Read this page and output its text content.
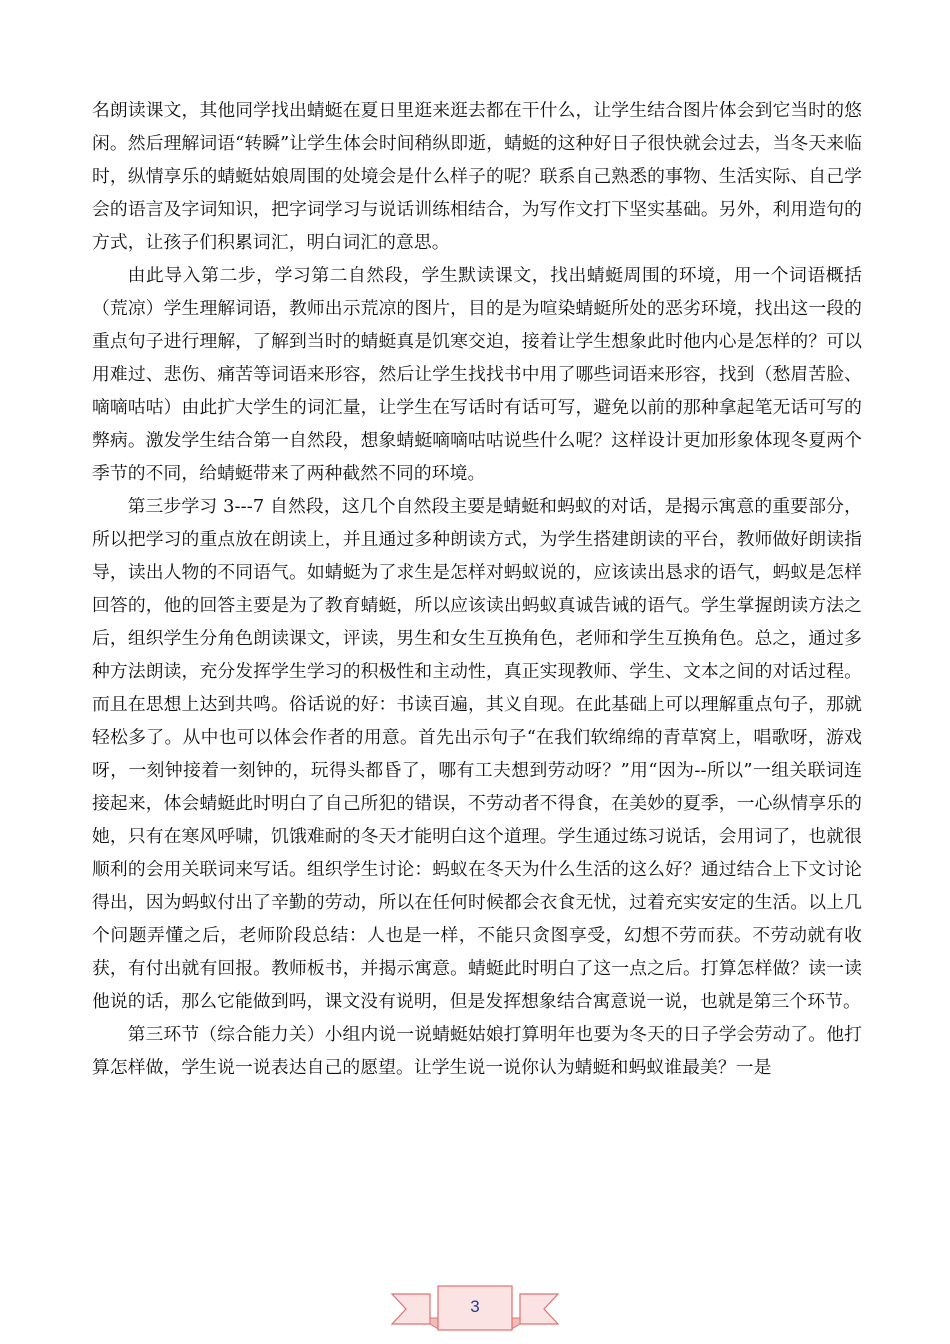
名朗读课文，其他同学找出蜻蜓在夏日里逛来逛去都在干什么，让学生结合图片体会到它当时的悠闲。然后理解词语“转瞬”让学生体会时间稍纵即逝，蜻蜓的这种好日子很快就会过去，当冬天来临时，纵情享乐的蜻蜓姑娘周围的处境会是什么样子的呢？联系自己熟悉的事物、生活实际、自己学会的语言及字词知识，把字词学习与说话训练相结合，为写作文打下坚实基础。另外，利用造句的方式，让孩子们积累词汇，明白词汇的意思。

由此导入第二步，学习第二自然段，学生默读课文，找出蜻蜓周围的环境，用一个词语概括（荒凉）学生理解词语，教师出示荒凉的图片，目的是为喧染蜻蜓所处的恶劣环境，找出这一段的重点句子进行理解，了解到当时的蜻蜓真是饥寒交迫，接着让学生想象此时他内心是怎样的？可以用难过、悲伤、痛苦等词语来形容，然后让学生找找书中用了哪些词语来形容，找到（愁眉苦脸、嘀嘀咕咕）由此扩大学生的词汇量，让学生在写话时有话可写，避免以前的那种拿起笔无话可写的弊病。激发学生结合第一自然段，想象蜻蜓嘀嘀咕咕说些什么呢？这样设计更加形象体现冬夏两个季节的不同，给蜻蜓带来了两种截然不同的环境。

第三步学习 3---7 自然段，这几个自然段主要是蜻蜓和蚂蚁的对话，是揭示寓意的重要部分，所以把学习的重点放在朗读上，并且通过多种朗读方式，为学生搭建朗读的平台，教师做好朗读指导，读出人物的不同语气。如蜻蜓为了求生是怎样对蚂蚁说的，应该读出恳求的语气，蚂蚁是怎样回答的，他的回答主要是为了教育蜻蜓，所以应该读出蚂蚁真诚告诫的语气。学生掌握朗读方法之后，组织学生分角色朗读课文，评读，男生和女生互换角色，老师和学生互换角色。总之，通过多种方法朗读，充分发挥学生学习的积极性和主动性，真正实现教师、学生、文本之间的对话过程。而且在思想上达到共鸣。俗话说的好：书读百遍，其义自现。在此基础上可以理解重点句子，那就轻松多了。从中也可以体会作者的用意。首先出示句子“在我们软绵绵的青草窝上，唱歌呀，游戏呀，一刻钟接着一刻钟的，玩得头都昏了，哪有工夫想到劳动呀？”用“因为--所以”一组关联词连接起来，体会蜻蜓此时明白了自己所犯的错误，不劳动者不得食，在美妙的夏季，一心纵情享乐的她，只有在寒风呼啸，饥饿难耐的冬天才能明白这个道理。学生通过练习说话，会用词了，也就很顺利的会用关联词来写话。组织学生讨论：蚂蚁在冬天为什么生活的这么好？通过结合上下文讨论得出，因为蚂蚁付出了辛勤的劳动，所以在任何时候都会衣食无忧，过着充实安定的生活。以上几个问题弄懂之后，老师阶段总结：人也是一样，不能只贪图享受，幻想不劳而获。不劳动就有收获，有付出就有回报。教师板书，并揭示寓意。蜻蜓此时明白了这一点之后。打算怎样做？读一读他说的话，那么它能做到吗，课文没有说明，但是发挥想象结合寓意说一说，也就是第三个环节。

第三环节（综合能力关）小组内说一说蜻蜓姑娘打算明年也要为冬天的日子学会劳动了。他打算怎样做，学生说一说表达自己的愿望。让学生说一说你认为蜻蜓和蚂蚁谁最美？一是

3
